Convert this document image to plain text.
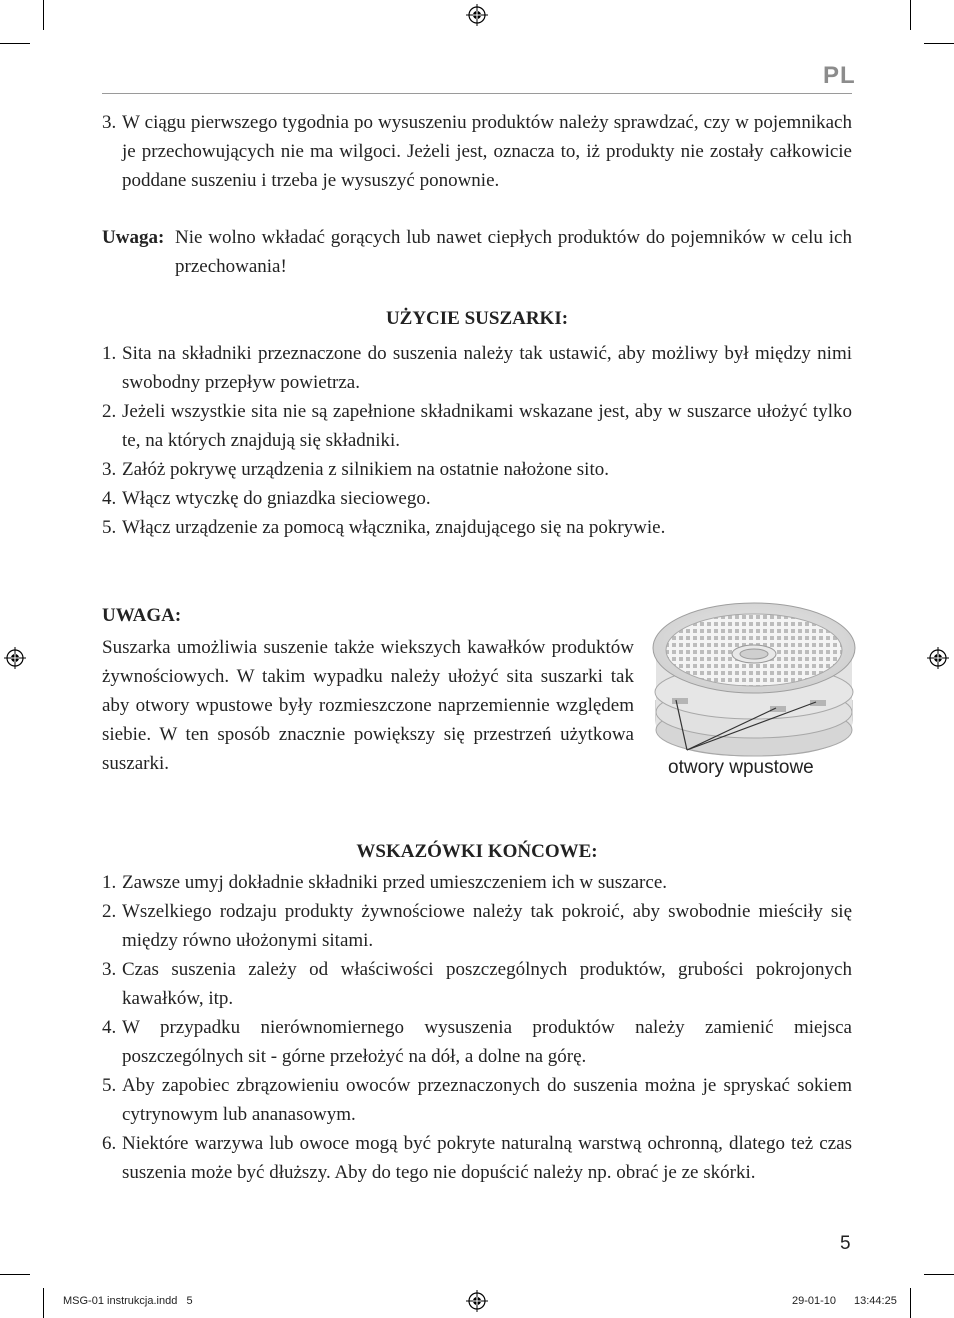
PL
3. W ciągu pierwszego tygodnia po wysuszeniu produktów należy sprawdzać, czy w pojemnikach je przechowujących nie ma wilgoci. Jeżeli jest, oznacza to, iż produkty nie zostały całkowicie poddane suszeniu i trzeba je wysuszyć ponownie.
Uwaga: Nie wolno wkładać gorących lub nawet ciepłych produktów do pojemników w celu ich przechowania!
UŻYCIE SUSZARKI:
1. Sita na składniki przeznaczone do suszenia należy tak ustawić, aby możliwy był między nimi swobodny przepływ powietrza.
2. Jeżeli wszystkie sita nie są zapełnione składnikami wskazane jest, aby w suszarce ułożyć tylko te, na których znajdują się składniki.
3. Załóż pokrywę urządzenia z silnikiem na ostatnie nałożone sito.
4. Włącz wtyczkę do gniazdka sieciowego.
5. Włącz urządzenie za pomocą włącznika, znajdującego się na pokrywie.
UWAGA:
Suszarka umożliwia suszenie także wiekszych kawałków produktów żywnościowych. W takim wypadku należy ułożyć sita suszarki tak aby otwory wpustowe były rozmieszczone naprzemiennie względem siebie. W ten sposób znacznie powiększy się przestrzeń użytkowa suszarki.	otwory wpustowe
WSKAZÓWKI KOŃCOWE:
1. Zawsze umyj dokładnie składniki przed umieszczeniem ich w suszarce.
2. Wszelkiego rodzaju produkty żywnościowe należy tak pokroić, aby swobodnie mieściły się między równo ułożonymi sitami.
3. Czas suszenia zależy od właściwości poszczególnych produktów, grubości pokrojonych kawałków, itp.
4. W przypadku nierównomiernego wysuszenia produktów należy zamienić miejsca poszczególnych sit - górne przełożyć na dół, a dolne na górę.
5. Aby zapobiec zbrązowieniu owoców przeznaczonych do suszenia można je spryskać sokiem cytrynowym lub ananasowym.
6. Niektóre warzywa lub owoce mogą być pokryte naturalną warstwą ochronną, dlatego też czas suszenia może być dłuższy. Aby do tego nie dopuścić należy np. obrać je ze skórki.
5
MSG-01 instrukcja.indd   5	29-01-10 13:44:25
